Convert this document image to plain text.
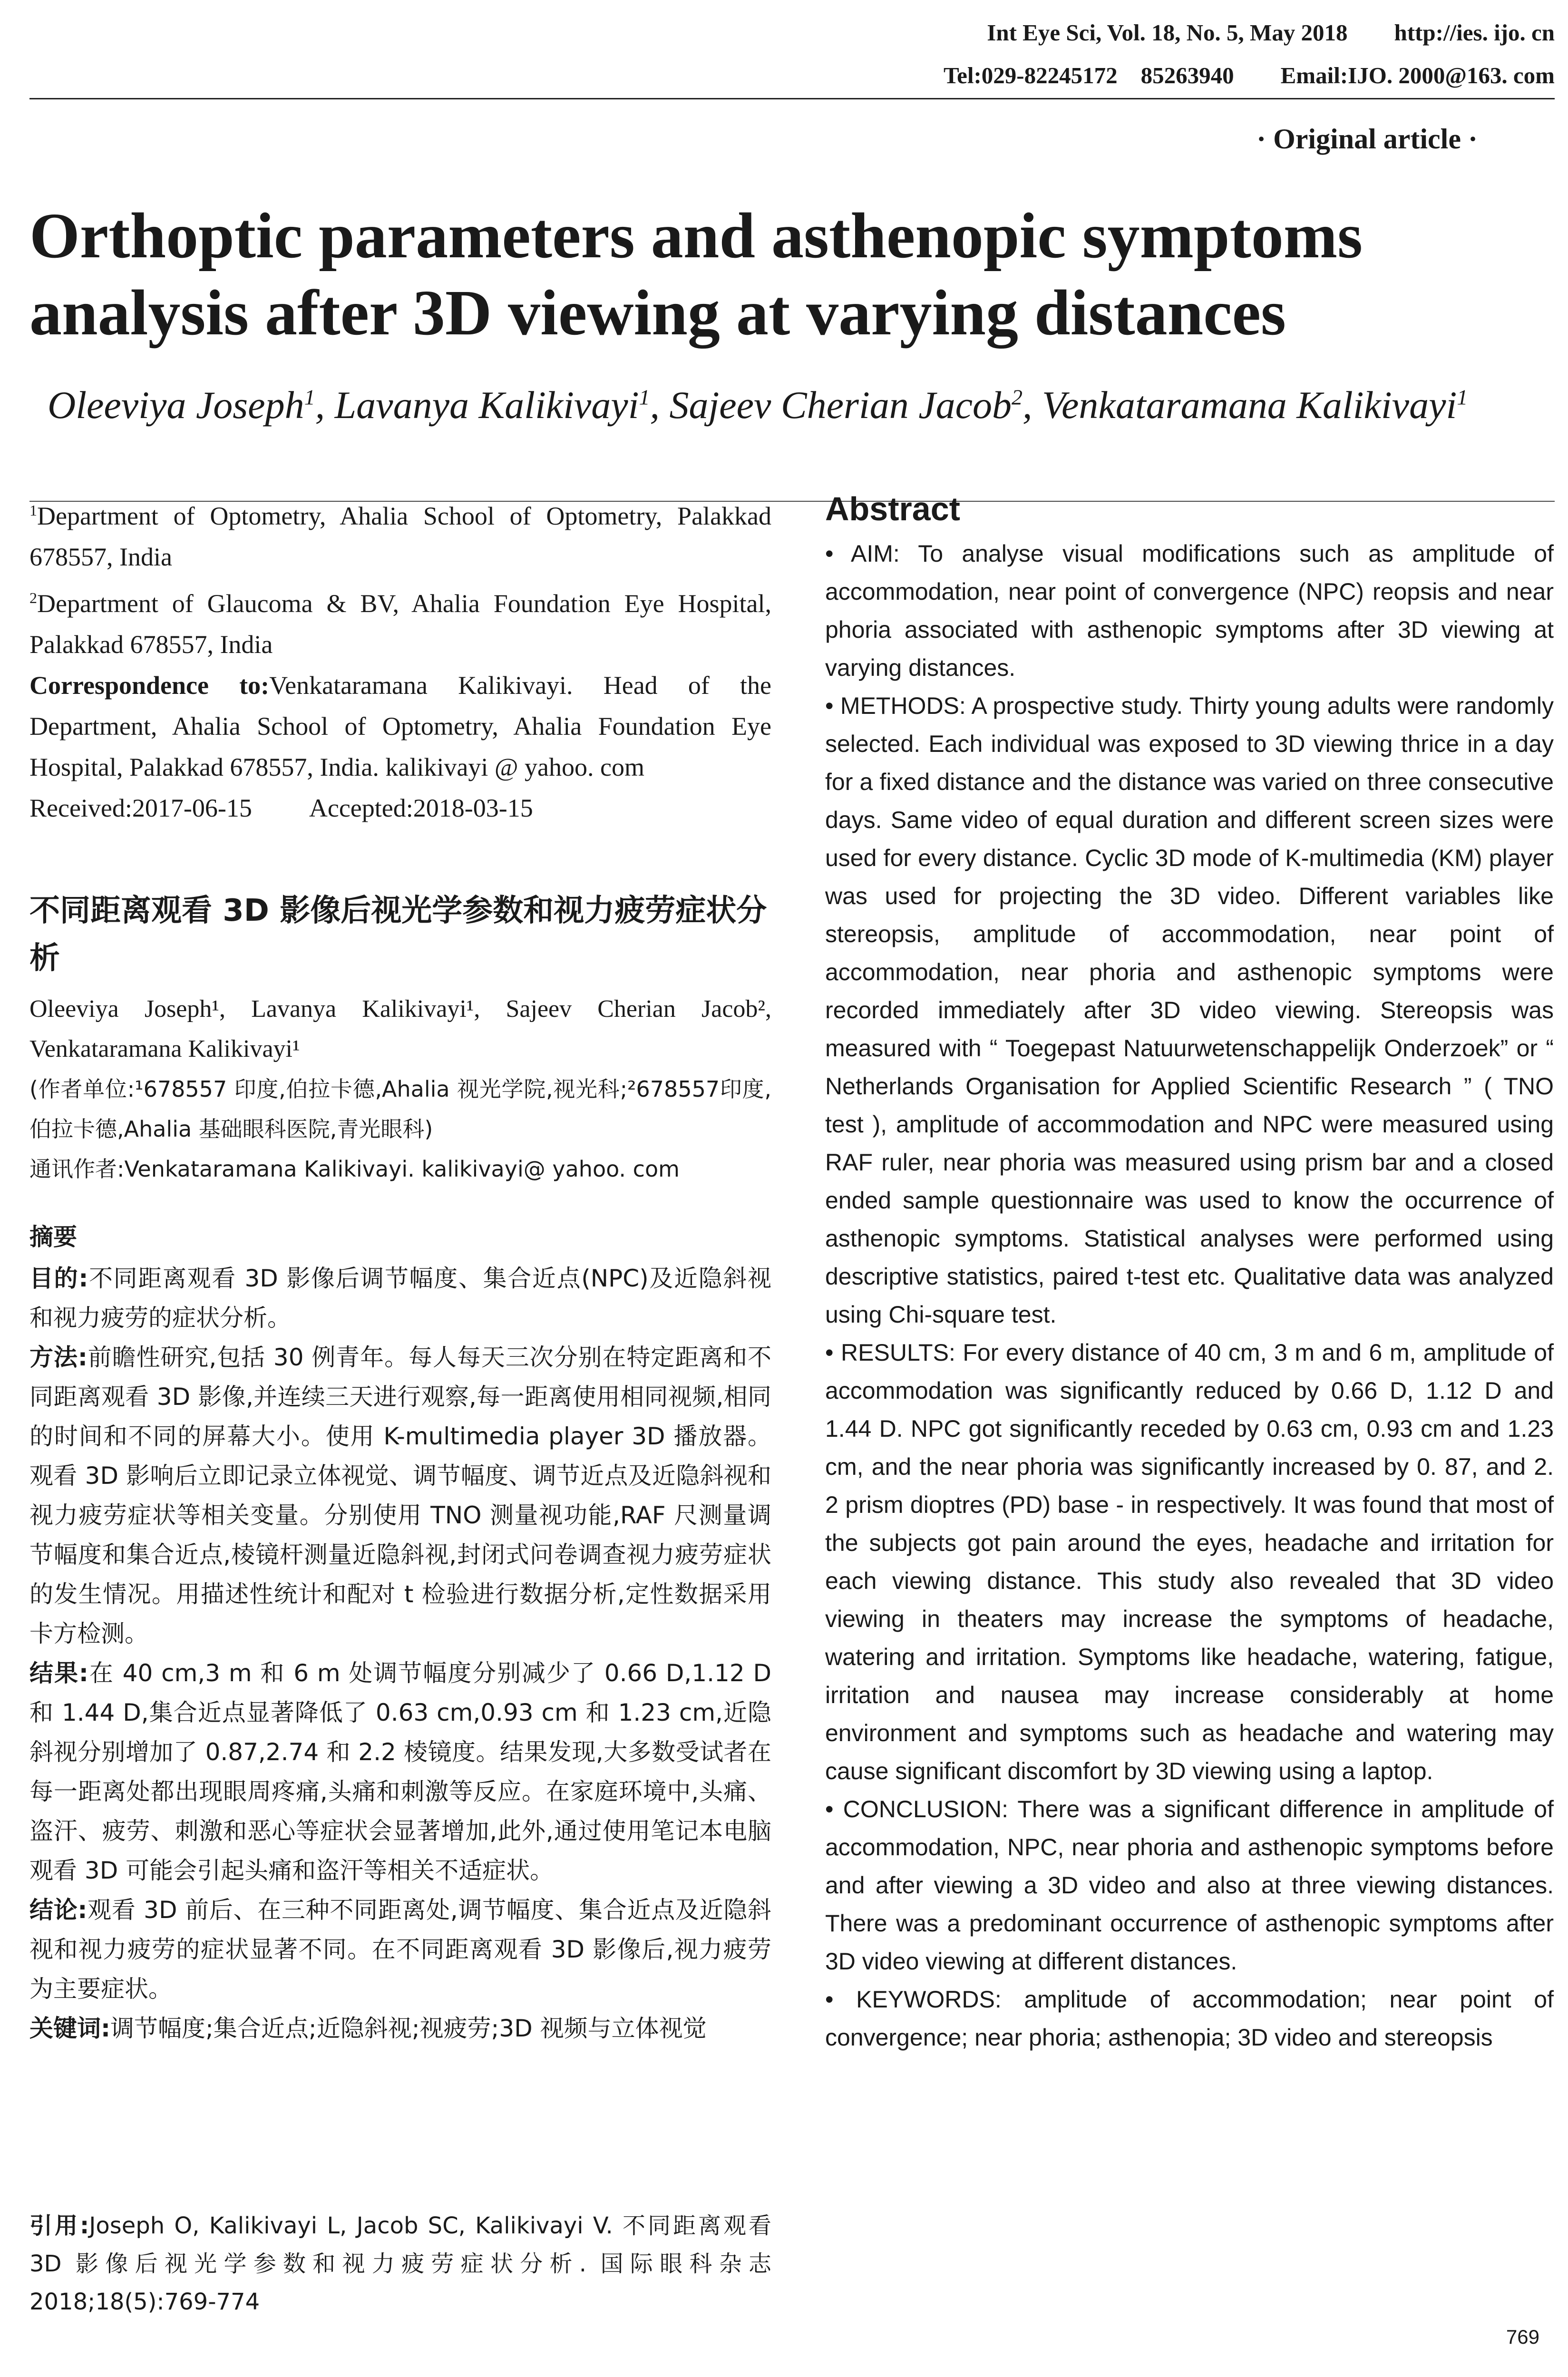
Int Eye Sci, Vol. 18, No. 5, May 2018        http://ies. ijo. cn
Tel:029-82245172    85263940        Email:IJO. 2000@163. com
· Original article ·
Orthoptic parameters and asthenopic symptoms analysis after 3D viewing at varying distances
Oleeviya Joseph$^1$, Lavanya Kalikivayi$^1$, Sajeev Cherian Jacob$^2$, Venkataramana Kalikivayi$^1$

$^1$Department of Optometry, Ahalia School of Optometry, Palakkad 678557, India

$^2$Department of Glaucoma & BV, Ahalia Foundation Eye Hospital, Palakkad 678557, India

Correspondence to:Venkataramana Kalikivayi. Head of the Department, Ahalia School of Optometry, Ahalia Foundation Eye Hospital, Palakkad 678557, India. kalikivayi @ yahoo. com

Received:2017-06-15 Accepted:2018-03-15

不同距离观看 3D 影像后视光学参数和视力疲劳症状分析

Oleeviya Joseph¹, Lavanya Kalikivayi¹, Sajeev Cherian Jacob², Venkataramana Kalikivayi¹

(作者单位:¹678557 印度,伯拉卡德,Ahalia 视光学院,视光科;²678557印度,伯拉卡德,Ahalia 基础眼科医院,青光眼科)

通讯作者:Venkataramana Kalikivayi. kalikivayi@ yahoo. com

摘要

目的:不同距离观看 3D 影像后调节幅度、集合近点(NPC)及近隐斜视和视力疲劳的症状分析。

方法:前瞻性研究,包括 30 例青年。每人每天三次分别在特定距离和不同距离观看 3D 影像,并连续三天进行观察,每一距离使用相同视频,相同的时间和不同的屏幕大小。使用 K-multimedia player 3D 播放器。观看 3D 影响后立即记录立体视觉、调节幅度、调节近点及近隐斜视和视力疲劳症状等相关变量。分别使用 TNO 测量视功能,RAF 尺测量调节幅度和集合近点,棱镜杆测量近隐斜视,封闭式问卷调查视力疲劳症状的发生情况。用描述性统计和配对 t 检验进行数据分析,定性数据采用卡方检测。

结果:在 40 cm,3 m 和 6 m 处调节幅度分别减少了 0.66 D,1.12 D 和 1.44 D,集合近点显著降低了 0.63 cm,0.93 cm 和 1.23 cm,近隐斜视分别增加了 0.87,2.74 和 2.2 棱镜度。结果发现,大多数受试者在每一距离处都出现眼周疼痛,头痛和刺激等反应。在家庭环境中,头痛、盗汗、疲劳、刺激和恶心等症状会显著增加,此外,通过使用笔记本电脑观看 3D 可能会引起头痛和盗汗等相关不适症状。

结论:观看 3D 前后、在三种不同距离处,调节幅度、集合近点及近隐斜视和视力疲劳的症状显著不同。在不同距离观看 3D 影像后,视力疲劳为主要症状。

关键词:调节幅度;集合近点;近隐斜视;视疲劳;3D 视频与立体视觉

引用:Joseph O, Kalikivayi L, Jacob SC, Kalikivayi V. 不同距离观看 3D 影像后视光学参数和视力疲劳症状分析. 国际眼科杂志 2018;18(5):769-774

Abstract

• AIM: To analyse visual modifications such as amplitude of accommodation, near point of convergence (NPC) reopsis and near phoria associated with asthenopic symptoms after 3D viewing at varying distances.

• METHODS: A prospective study. Thirty young adults were randomly selected. Each individual was exposed to 3D viewing thrice in a day for a fixed distance and the distance was varied on three consecutive days. Same video of equal duration and different screen sizes were used for every distance. Cyclic 3D mode of K-multimedia (KM) player was used for projecting the 3D video. Different variables like stereopsis, amplitude of accommodation, near point of accommodation, near phoria and asthenopic symptoms were recorded immediately after 3D video viewing. Stereopsis was measured with “ Toegepast Natuurwetenschappelijk Onderzoek” or “ Netherlands Organisation for Applied Scientific Research ” ( TNO test ), amplitude of accommodation and NPC were measured using RAF ruler, near phoria was measured using prism bar and a closed ended sample questionnaire was used to know the occurrence of asthenopic symptoms. Statistical analyses were performed using descriptive statistics, paired t-test etc. Qualitative data was analyzed using Chi-square test.

• RESULTS: For every distance of 40 cm, 3 m and 6 m, amplitude of accommodation was significantly reduced by 0.66 D, 1.12 D and 1.44 D. NPC got significantly receded by 0.63 cm, 0.93 cm and 1.23 cm, and the near phoria was significantly increased by 0. 87, and 2. 2 prism dioptres (PD) base - in respectively. It was found that most of the subjects got pain around the eyes, headache and irritation for each viewing distance. This study also revealed that 3D video viewing in theaters may increase the symptoms of headache, watering and irritation. Symptoms like headache, watering, fatigue, irritation and nausea may increase considerably at home environment and symptoms such as headache and watering may cause significant discomfort by 3D viewing using a laptop.

• CONCLUSION: There was a significant difference in amplitude of accommodation, NPC, near phoria and asthenopic symptoms before and after viewing a 3D video and also at three viewing distances. There was a predominant occurrence of asthenopic symptoms after 3D video viewing at different distances.

• KEYWORDS: amplitude of accommodation; near point of convergence; near phoria; asthenopia; 3D video and stereopsis

769
